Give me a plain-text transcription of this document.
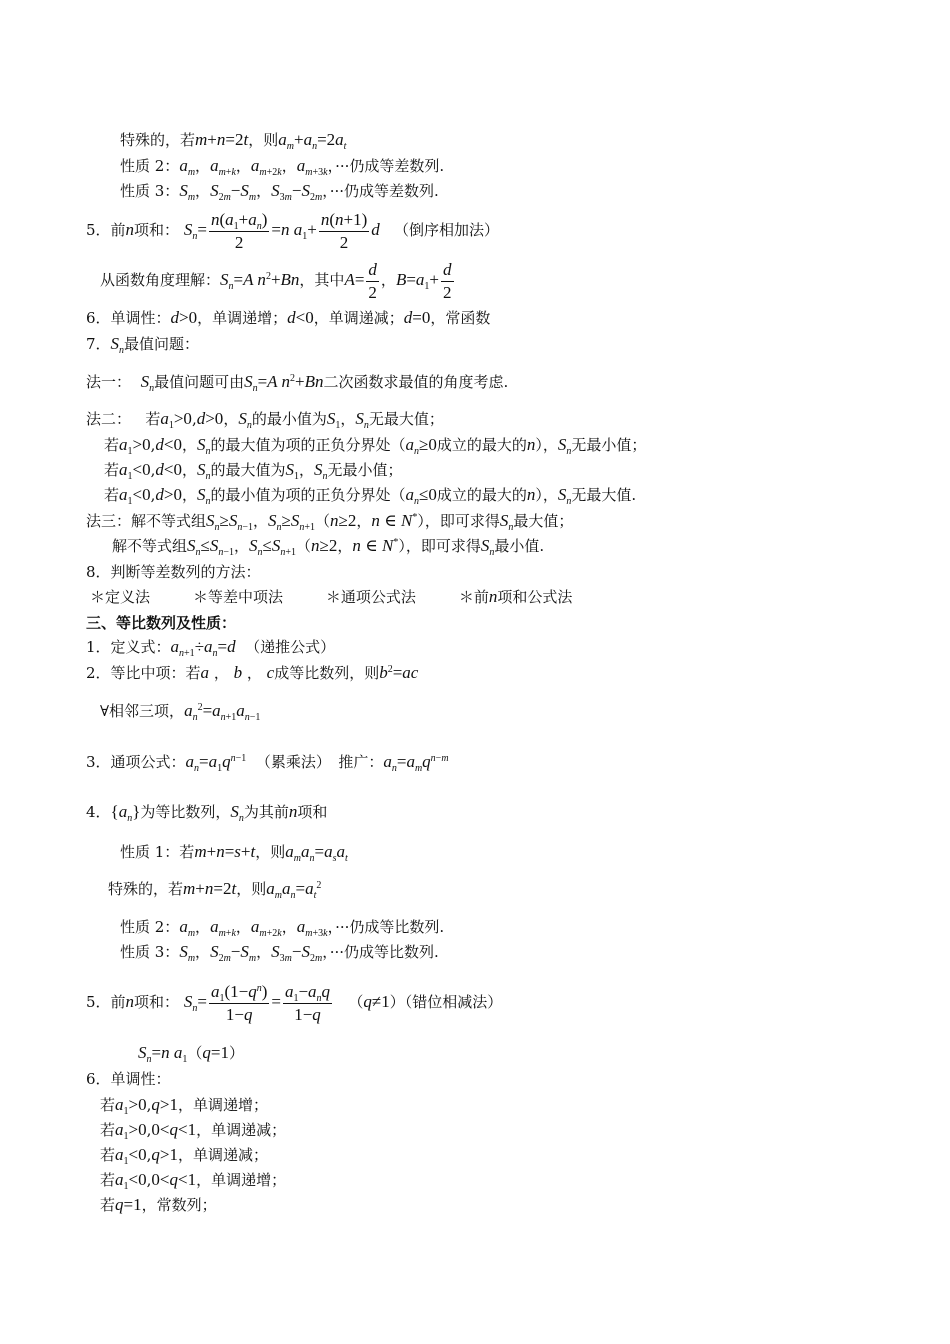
特殊的，若m+n=2t，则$a_m+a_n=2a_t$
性质 2：$a_m$，$a_{m+k}$，$a_{m+2k}$，$a_{m+3k}$，···仍成等差数列.
性质 3：$S_m$，$S_{2m}-S_m$，$S_{3m}-S_{2m}$，···仍成等差数列.
5．前n项和： $S_n= \frac{n(a_1+a_n)}{2} =n$ $a_1+ \frac{n(n+1)}{2}$ d （倒序相加法）
从函数角度理解：$S_n=A$ $n^2+Bn$，其中$A= \frac{d}{2}$ ，$B=a_1+ \frac{d}{2}$
6．单调性：d>0，单调递增；d<0，单调递减；d=0，常函数
7．$S_n$最值问题：
法一： $S_n$最值问题可由$S_n=A$ $n^2+Bn$二次函数求最值的角度考虑.
法二： 若$a_1>0,d>0$，$S_n$的最小值为$S_1$，$S_n$无最大值；
若$a_1>0,d<0$，$S_n$的最大值为项的正负分界处（$a_n\ge 0$成立的最大的n），$S_n$无最小值；
若$a_1<0,d<0$，$S_n$的最大值为$S_1$，$S_n$无最小值；
若$a_1<0,d>0$，$S_n$的最小值为项的正负分界处（$a_n\le 0$成立的最大的n），$S_n$无最大值.
法三：解不等式组$S_n\ge S_{n-1}$，$S_n\ge S_{n+1}(n\ge 2$，n ∈ N*），即可求得$S_n$最大值；
解不等式组$S_n\le S_{n-1}$，$S_n\le S_{n+1}(n\ge 2$，n ∈ N*），即可求得$S_n$最小值.
8．判断等差数列的方法：
＊定义法	＊等差中项法	＊通项公式法	＊前n项和公式法
三、等比数列及性质：
1．定义式：$a_{n+1}\div a_n=d$ （递推公式）
2．等比中项：若a ， b ， c成等比数列，则$b^2=ac$
∀相邻三项，$a_n^2=a_{n+1}a_{n-1}$
3．通项公式：$a_n=a_1q^{n-1}$ （累乘法）　推广：$a_n=a_mq^{n-m}$
4．$\{a_n\}$为等比数列，$S_n$为其前n项和
性质 1：若m+n=s+t，则$a_ma_n=a_sa_t$
特殊的，若m+n=2t，则$a_ma_n=a_t^2$
性质 2：$a_m$，$a_{m+k}$，$a_{m+2k}$，$a_{m+3k}$，···仍成等比数列.
性质 3：$S_m$，$S_{2m}-S_m$，$S_{3m}-S_{2m}$，···仍成等比数列.
5．前n项和： $S_n= \frac{a_1(1-q^n)}{1-q} = \frac{a_1-a_nq}{1-q} (q\ne 1)$（错位相减法）
$S_n=n$ $a_1(q=1)$
6．单调性：
若$a_1>0,q>1$，单调递增；
若$a_1>0,0<q<1$，单调递减；
若$a_1<0,q>1$，单调递减；
若$a_1<0,0<q<1$，单调递增；
若q=1，常数列；
